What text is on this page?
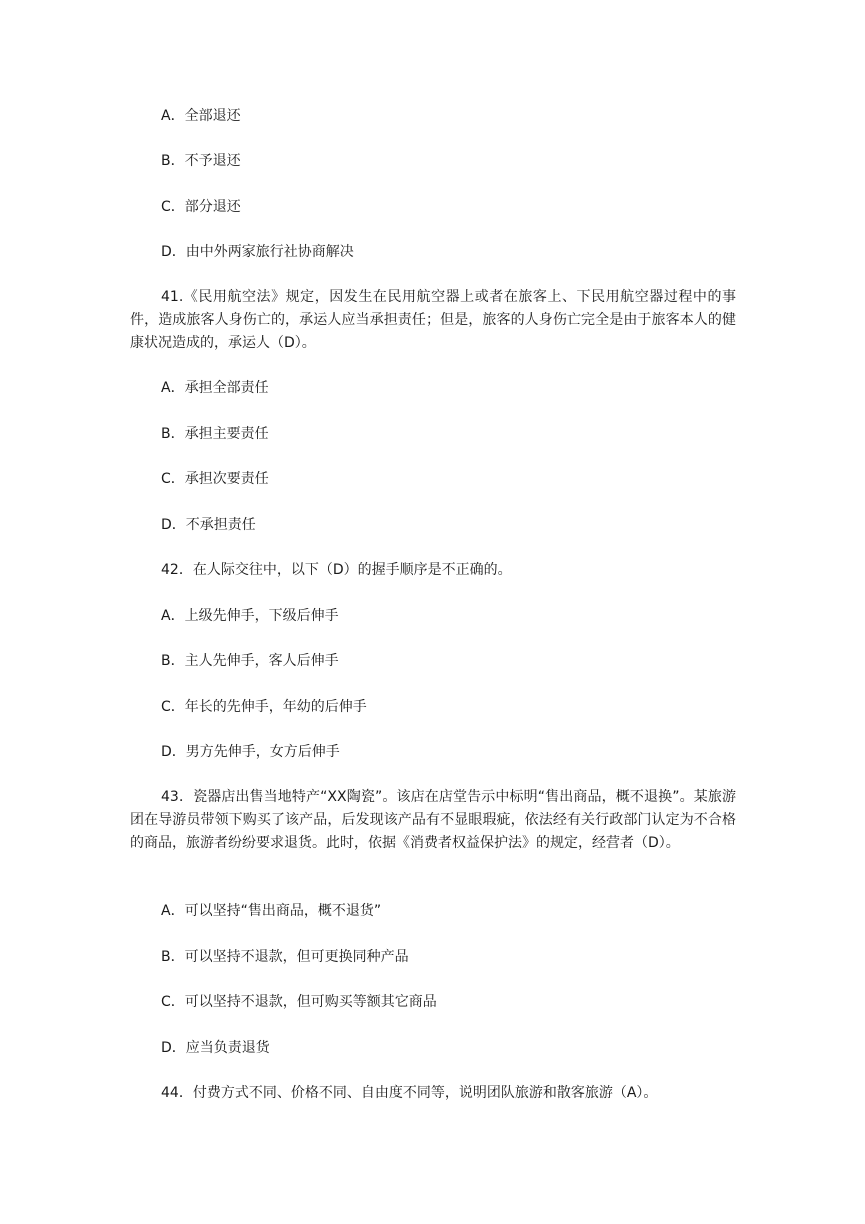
A．全部退还
B．不予退还
C．部分退还
D．由中外两家旅行社协商解决
41.《民用航空法》规定，因发生在民用航空器上或者在旅客上、下民用航空器过程中的事件，造成旅客人身伤亡的，承运人应当承担责任；但是，旅客的人身伤亡完全是由于旅客本人的健康状况造成的，承运人（D）。
A．承担全部责任
B．承担主要责任
C．承担次要责任
D．不承担责任
42．在人际交往中，以下（D）的握手顺序是不正确的。
A．上级先伸手，下级后伸手
B．主人先伸手，客人后伸手
C．年长的先伸手，年幼的后伸手
D．男方先伸手，女方后伸手
43．瓷器店出售当地特产“XX陶瓷”。该店在店堂告示中标明“售出商品，概不退换”。某旅游团在导游员带领下购买了该产品，后发现该产品有不显眼瑕疵，依法经有关行政部门认定为不合格的商品，旅游者纷纷要求退货。此时，依据《消费者权益保护法》的规定，经营者（D）。
A．可以坚持“售出商品，概不退货”
B．可以坚持不退款，但可更换同种产品
C．可以坚持不退款，但可购买等额其它商品
D．应当负责退货
44．付费方式不同、价格不同、自由度不同等，说明团队旅游和散客旅游（A）。
